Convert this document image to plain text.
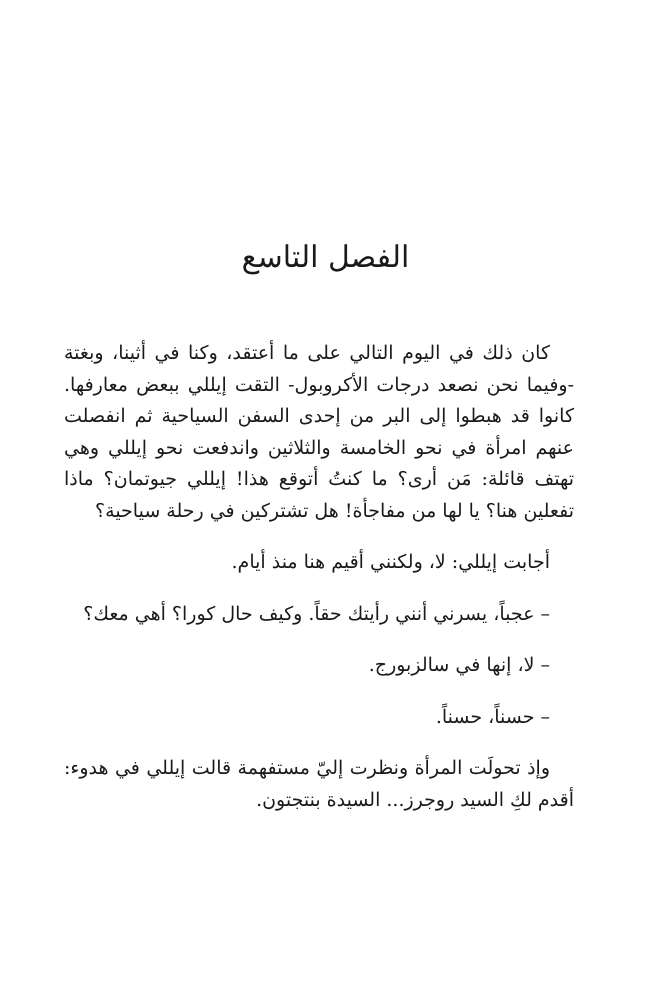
الفصل التاسع

كان ذلك في اليوم التالي على ما أعتقد، وكنا في أثينا، وبغتة -وفيما نحن نصعد درجات الأكروبول- التقت إيللي ببعض معارفها. كانوا قد هبطوا إلى البر من إحدى السفن السياحية ثم انفصلت عنهم امرأة في نحو الخامسة والثلاثين واندفعت نحو إيللي وهي تهتف قائلة: مَن أرى؟ ما كنتُ أتوقع هذا! إيللي جيوتمان؟ ماذا تفعلين هنا؟ يا لها من مفاجأة! هل تشتركين في رحلة سياحية؟

أجابت إيللي: لا، ولكنني أقيم هنا منذ أيام.

– عجباً، يسرني أنني رأيتك حقاً. وكيف حال كورا؟ أهي معك؟

– لا، إنها في سالزبورج.

– حسناً، حسناً.

وإذ تحولَت المرأة ونظرت إليّ مستفهمة قالت إيللي في هدوء: أقدم لكِ السيد روجرز... السيدة بنتجتون.
